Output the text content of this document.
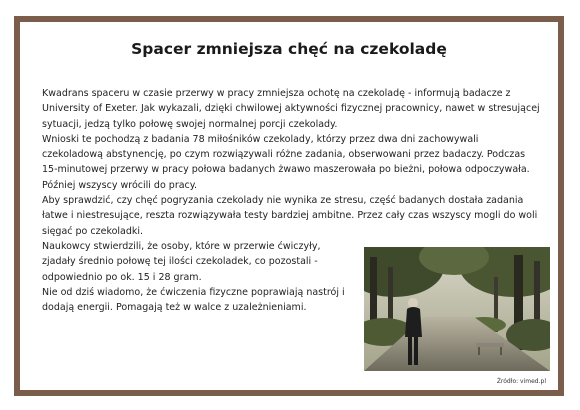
Spacer zmniejsza chęć na czekoladę

Kwadrans spaceru w czasie przerwy w pracy zmniejsza ochotę na czekoladę - informują badacze z University of Exeter. Jak wykazali, dzięki chwilowej aktywności fizycznej pracownicy, nawet w stresującej sytuacji, jedzą tylko połowę swojej normalnej porcji czekolady.

Wnioski te pochodzą z badania 78 miłośników czekolady, którzy przez dwa dni zachowywali czekoladową abstynencję, po czym rozwiązywali różne zadania, obserwowani przez badaczy. Podczas 15-minutowej przerwy w pracy połowa badanych żwawo maszerowała po bieżni, połowa odpoczywała. Później wszyscy wrócili do pracy.

Aby sprawdzić, czy chęć pogryzania czekolady nie wynika ze stresu, część badanych dostała zadania łatwe i niestresujące, reszta rozwiązywała testy bardziej ambitne. Przez cały czas wszyscy mogli do woli sięgać po czekoladki.

Naukowcy stwierdzili, że osoby, które w przerwie ćwiczyły, zjadały średnio połowę tej ilości czekoladek, co pozostali - odpowiednio po ok. 15 i 28 gram.

Nie od dziś wiadomo, że ćwiczenia fizyczne poprawiają nastrój i dodają energii. Pomagają też w walce z uzależnieniami.

Źródło: vimed.pl
